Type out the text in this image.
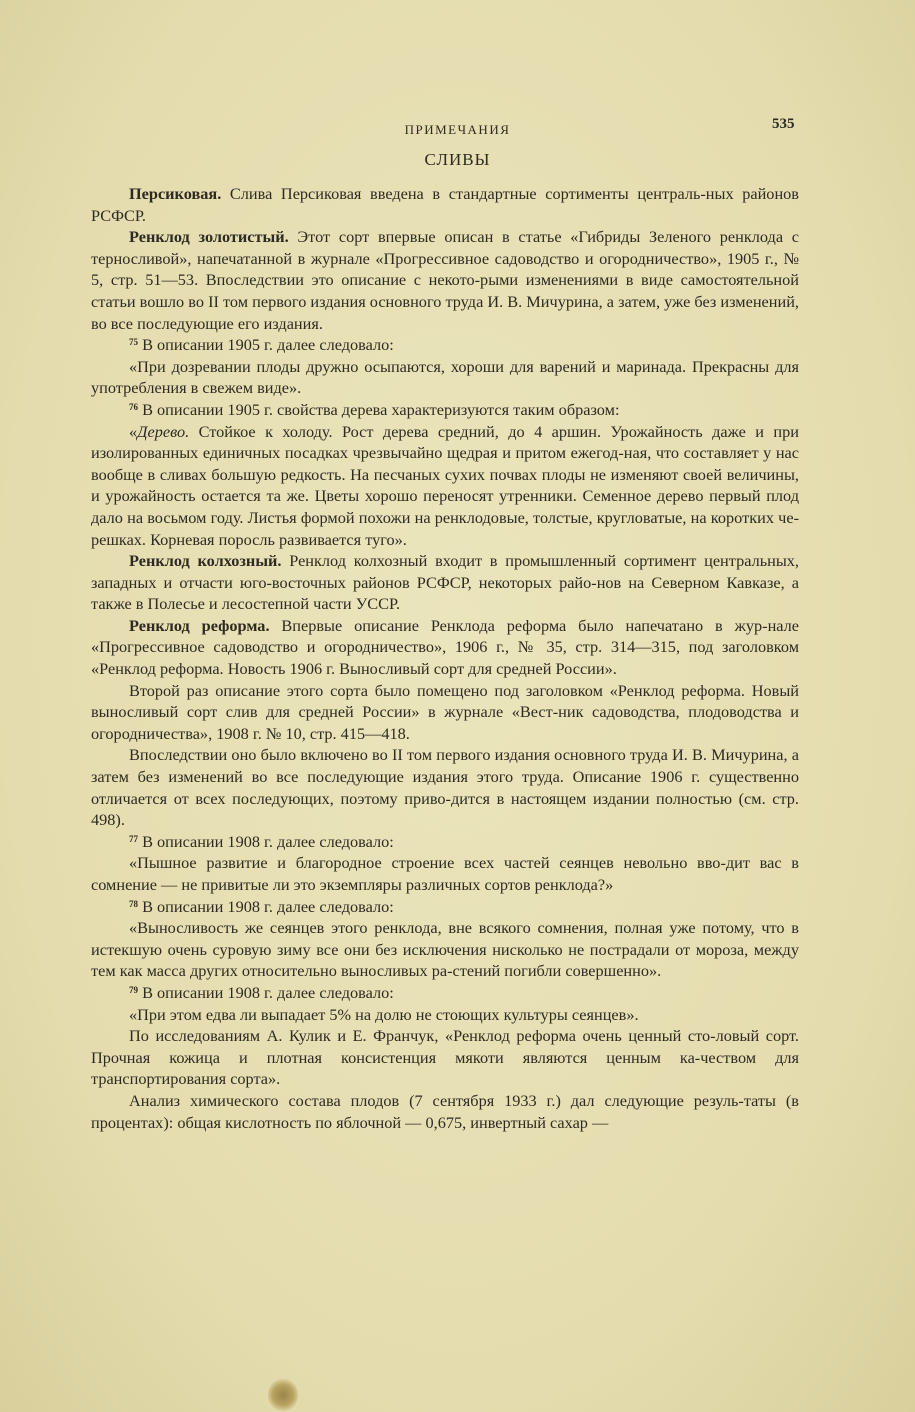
ПРИМЕЧАНИЯ	535
СЛИВЫ

Персиковая. Слива Персиковая введена в стандартные сортименты централь-ных районов РСФСР.

Ренклод золотистый. Этот сорт впервые описан в статье «Гибриды Зеленого ренклода с терносливой», напечатанной в журнале «Прогрессивное садоводство и огородничество», 1905 г., № 5, стр. 51—53. Впоследствии это описание с некото-рыми изменениями в виде самостоятельной статьи вошло во II том первого издания основного труда И. В. Мичурина, а затем, уже без изменений, во все последующие его издания.

$^{75}$ В описании 1905 г. далее следовало:

«При дозревании плоды дружно осыпаются, хороши для варений и маринада. Прекрасны для употребления в свежем виде».

$^{76}$ В описании 1905 г. свойства дерева характеризуются таким образом:

«Дерево. Стойкое к холоду. Рост дерева средний, до 4 аршин. Урожайность даже и при изолированных единичных посадках чрезвычайно щедрая и притом ежегод-ная, что составляет у нас вообще в сливах большую редкость. На песчаных сухих почвах плоды не изменяют своей величины, и урожайность остается та же. Цветы хорошо переносят утренники. Семенное дерево первый плод дало на восьмом году. Листья формой похожи на ренклодовые, толстые, кругловатые, на коротких че-решках. Корневая поросль развивается туго».

Ренклод колхозный. Ренклод колхозный входит в промышленный сортимент центральных, западных и отчасти юго-восточных районов РСФСР, некоторых райо-нов на Северном Кавказе, а также в Полесье и лесостепной части УССР.

Ренклод реформа. Впервые описание Ренклода реформа было напечатано в жур-нале «Прогрессивное садоводство и огородничество», 1906 г., № 35, стр. 314—315, под заголовком «Ренклод реформа. Новость 1906 г. Выносливый сорт для средней России».

Второй раз описание этого сорта было помещено под заголовком «Ренклод реформа. Новый выносливый сорт слив для средней России» в журнале «Вест-ник садоводства, плодоводства и огородничества», 1908 г. № 10, стр. 415—418.

Впоследствии оно было включено во II том первого издания основного труда И. В. Мичурина, а затем без изменений во все последующие издания этого труда. Описание 1906 г. существенно отличается от всех последующих, поэтому приво-дится в настоящем издании полностью (см. стр. 498).

$^{77}$ В описании 1908 г. далее следовало:

«Пышное развитие и благородное строение всех частей сеянцев невольно вво-дит вас в сомнение — не привитые ли это экземпляры различных сортов ренклода?»

$^{78}$ В описании 1908 г. далее следовало:

«Выносливость же сеянцев этого ренклода, вне всякого сомнения, полная уже потому, что в истекшую очень суровую зиму все они без исключения нисколько не пострадали от мороза, между тем как масса других относительно выносливых ра-стений погибли совершенно».

$^{79}$ В описании 1908 г. далее следовало:

«При этом едва ли выпадает 5% на долю не стоющих культуры сеянцев».

По исследованиям А. Кулик и Е. Франчук, «Ренклод реформа очень ценный сто-ловый сорт. Прочная кожица и плотная консистенция мякоти являются ценным ка-чеством для транспортирования сорта».

Анализ химического состава плодов (7 сентября 1933 г.) дал следующие резуль-таты (в процентах): общая кислотность по яблочной — 0,675, инвертный сахар —
